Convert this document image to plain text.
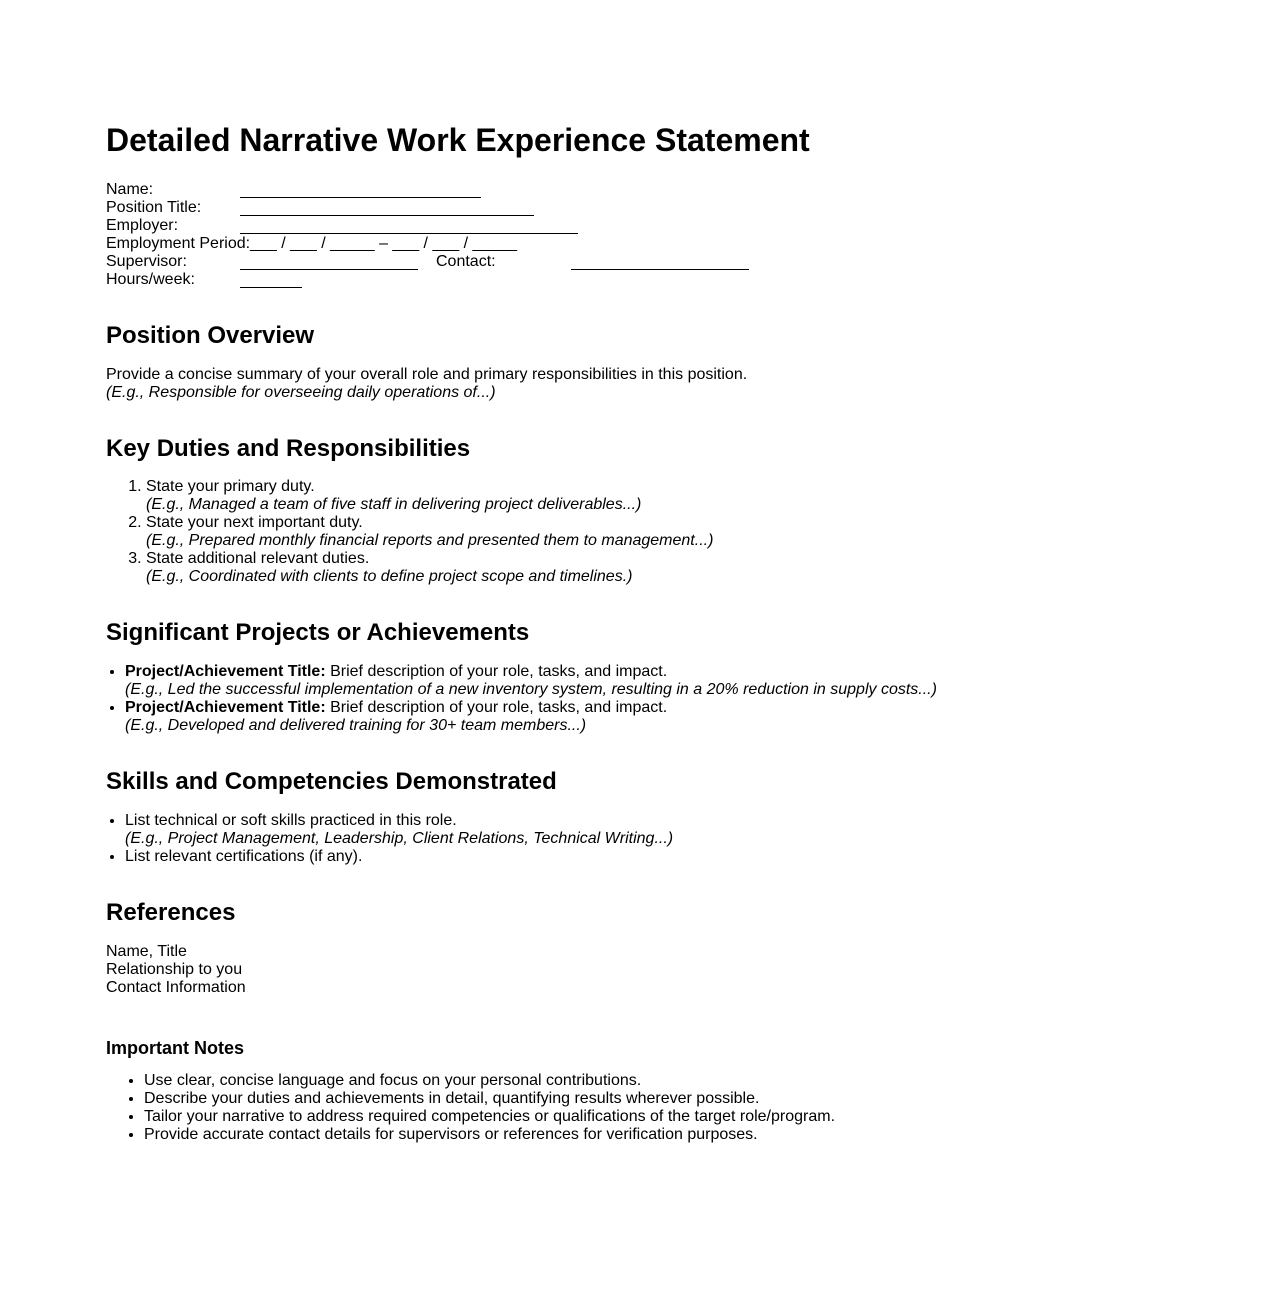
Detailed Narrative Work Experience Statement
Name:
Position Title:
Employer:
Employment Period:___ / ___ / _____ – ___ / ___ / _____
Supervisor:	Contact:
Hours/week:
Position Overview

Provide a concise summary of your overall role and primary responsibilities in this position.

(E.g., Responsible for overseeing daily operations of...)

Key Duties and Responsibilities
1. State your primary duty.
(E.g., Managed a team of five staff in delivering project deliverables...)
2. State your next important duty.
(E.g., Prepared monthly financial reports and presented them to management...)
3. State additional relevant duties.
(E.g., Coordinated with clients to define project scope and timelines.)
Significant Projects or Achievements
• Project/Achievement Title: Brief description of your role, tasks, and impact.
(E.g., Led the successful implementation of a new inventory system, resulting in a 20% reduction in supply costs...)
• Project/Achievement Title: Brief description of your role, tasks, and impact.
(E.g., Developed and delivered training for 30+ team members...)
Skills and Competencies Demonstrated
• List technical or soft skills practiced in this role.
(E.g., Project Management, Leadership, Client Relations, Technical Writing...)
• List relevant certifications (if any).
References

Name, Title

Relationship to you

Contact Information

Important Notes
• Use clear, concise language and focus on your personal contributions.
• Describe your duties and achievements in detail, quantifying results wherever possible.
• Tailor your narrative to address required competencies or qualifications of the target role/program.
• Provide accurate contact details for supervisors or references for verification purposes.
